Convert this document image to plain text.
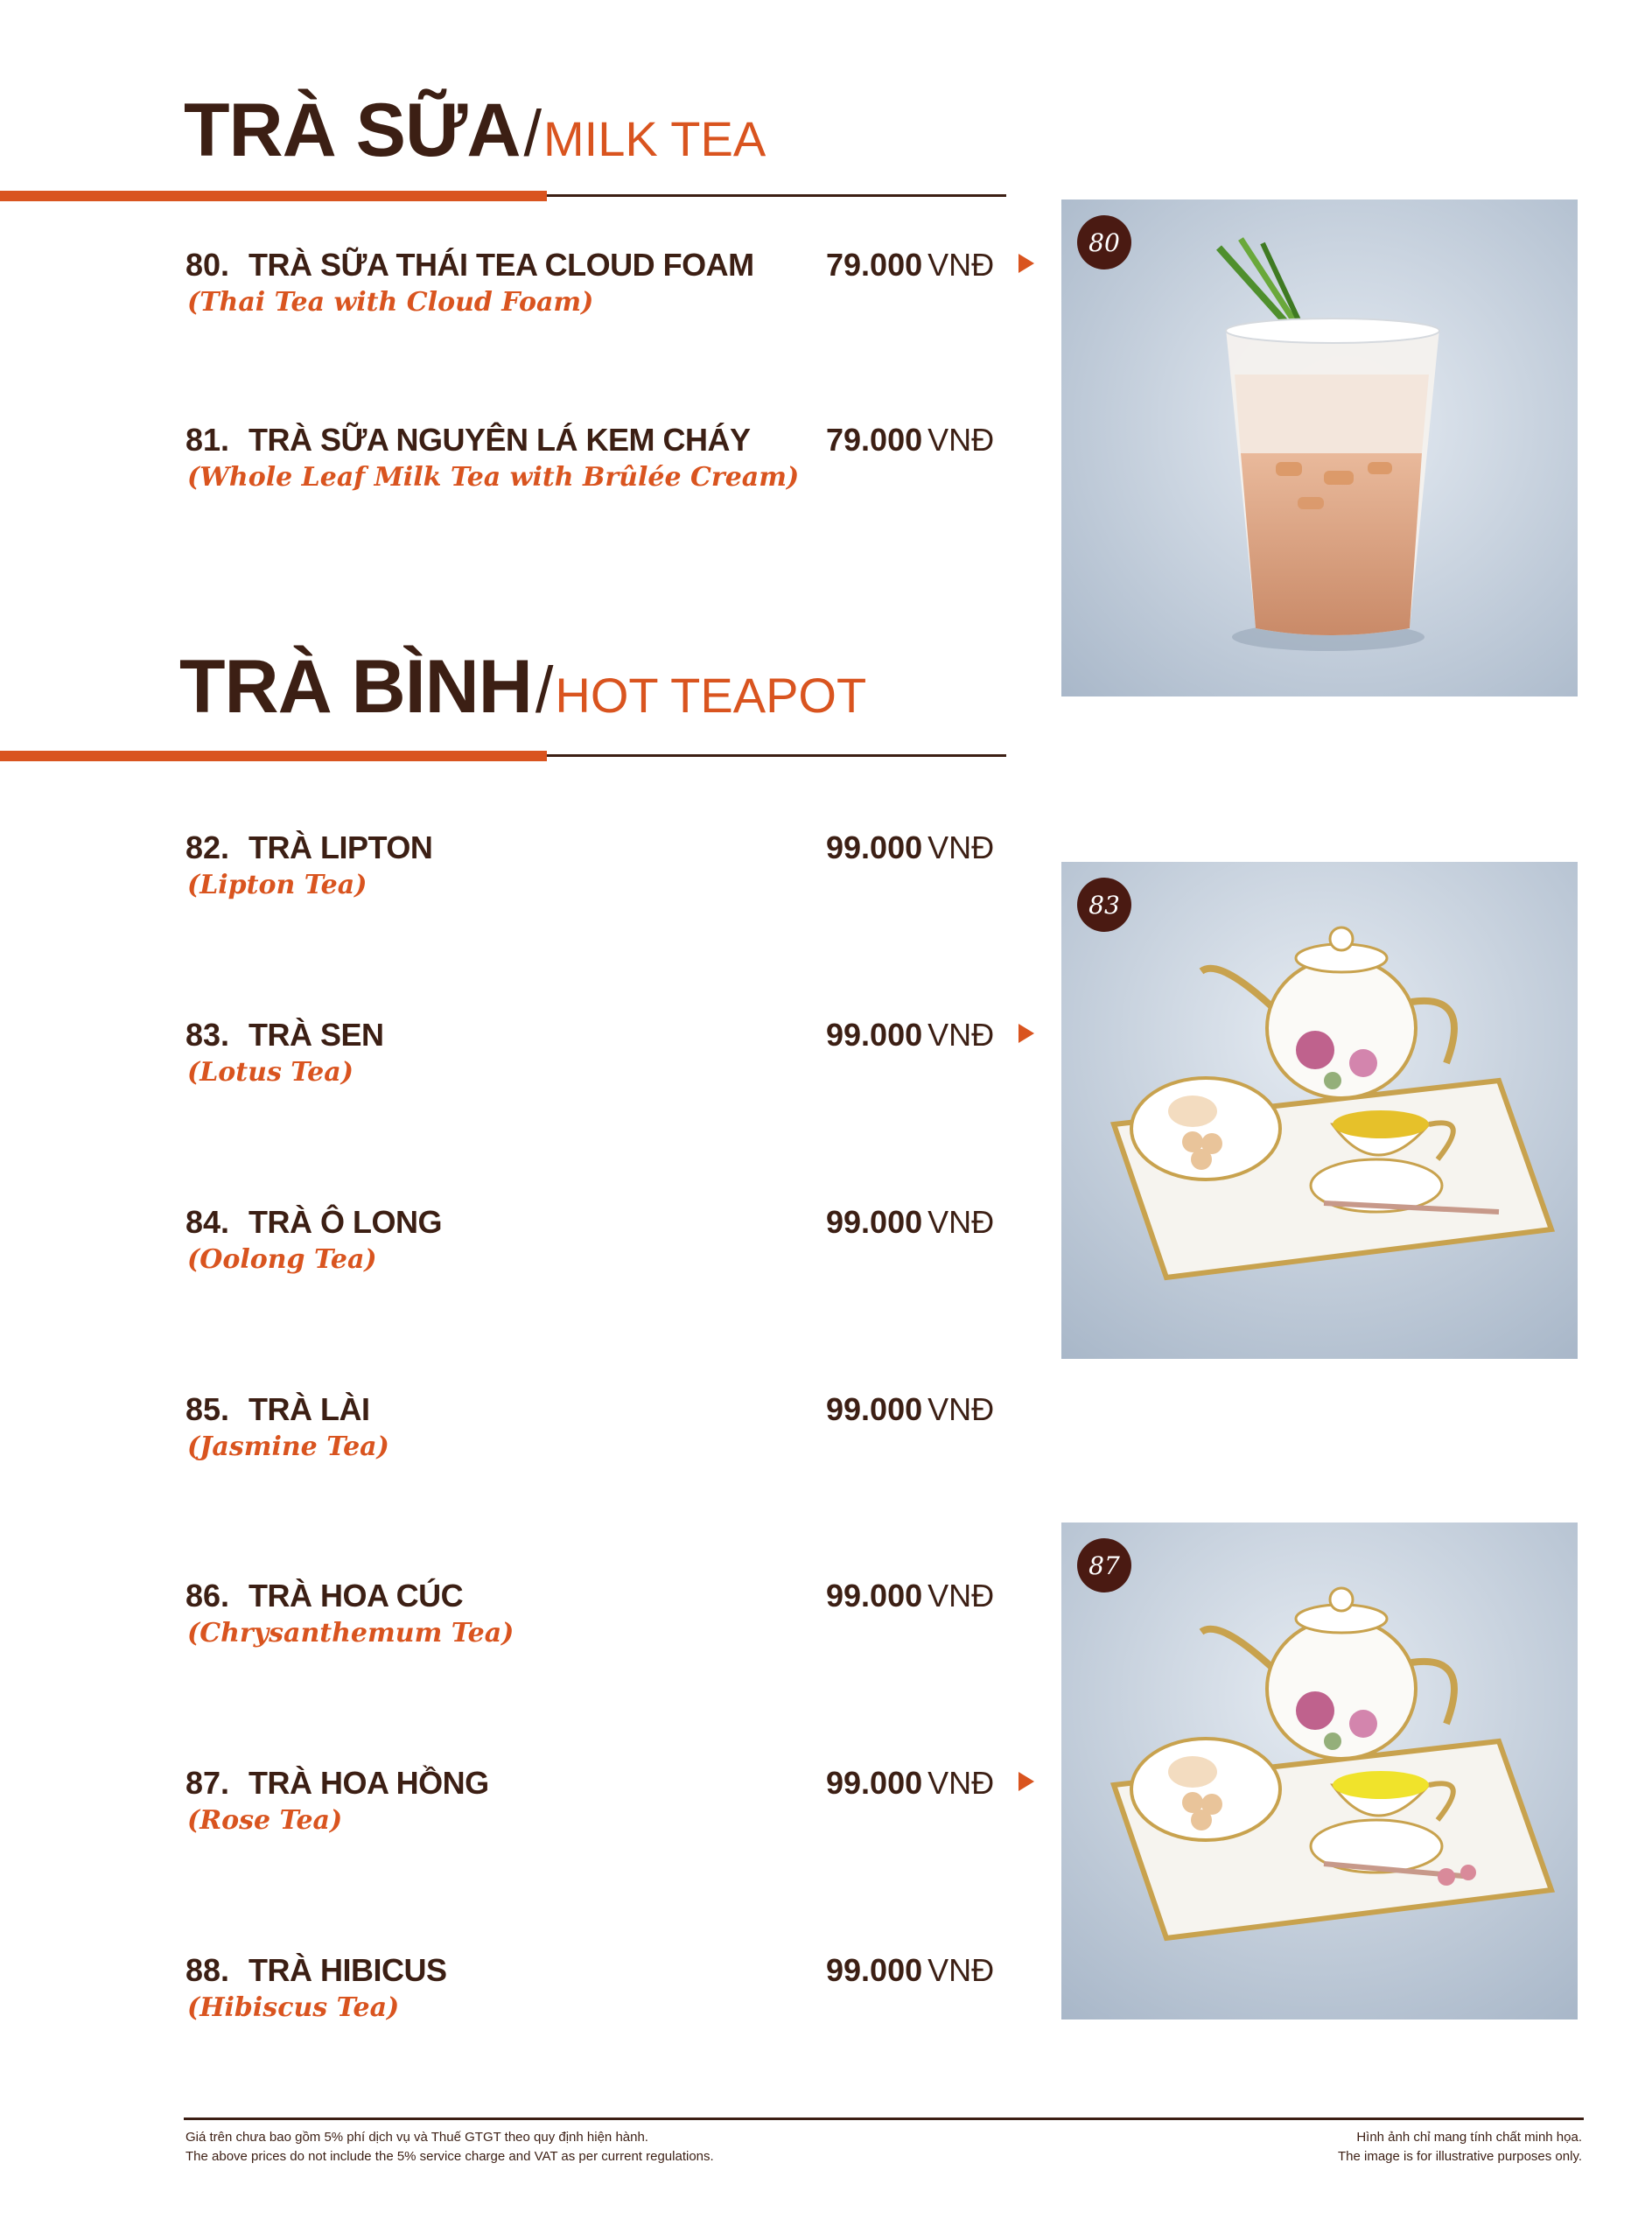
TRÀ SỮA/MILK TEA
80. TRÀ SỮA THÁI TEA CLOUD FOAM
(Thai Tea with Cloud Foam)
79.000 VNĐ
81. TRÀ SỮA NGUYÊN LÁ KEM CHÁY
(Whole Leaf Milk Tea with Brûlée Cream)
79.000 VNĐ
TRÀ BÌNH/HOT TEAPOT
82. TRÀ LIPTON
(Lipton Tea)
99.000 VNĐ
83. TRÀ SEN
(Lotus Tea)
99.000 VNĐ
84. TRÀ Ô LONG
(Oolong Tea)
99.000 VNĐ
85. TRÀ LÀI
(Jasmine Tea)
99.000 VNĐ
86. TRÀ HOA CÚC
(Chrysanthemum Tea)
99.000 VNĐ
87. TRÀ HOA HỒNG
(Rose Tea)
99.000 VNĐ
88. TRÀ HIBICUS
(Hibiscus Tea)
99.000 VNĐ
80
83
87
Giá trên chưa bao gồm 5% phí dịch vụ và Thuế GTGT theo quy định hiện hành.
The above prices do not include the 5% service charge and VAT as per current regulations.
Hình ảnh chỉ mang tính chất minh họa.
The image is for illustrative purposes only.
